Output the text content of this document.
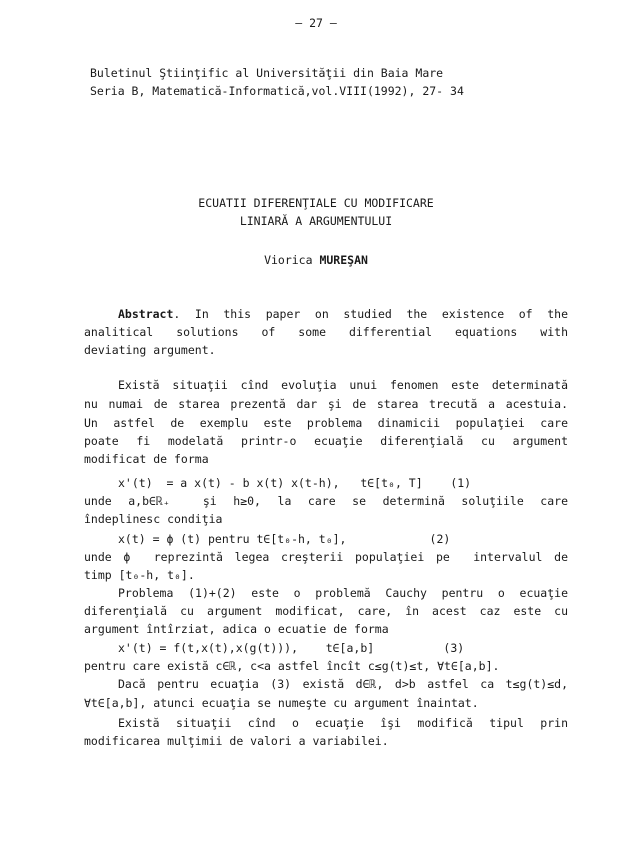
— 27 —
Buletinul Ştiinţific al Universităţii din Baia Mare
Seria B, Matematică-Informatică,vol.VIII(1992), 27- 34
ECUATII DIFERENŢIALE CU MODIFICARE
LINIARĂ A ARGUMENTULUI
Viorica MUREŞAN
Abstract. In this paper on studied the existence of the
analitical solutions of some differential equations with
deviating argument.
Există situaţii cînd evoluţia unui fenomen este determinată
nu numai de starea prezentă dar şi de starea trecută a acestuia.
Un astfel de exemplu este problema dinamicii populaţiei care
poate fi modelată printr-o ecuaţie diferenţială cu argument
modificat de forma
x'(t)  = a x(t) - b x(t) x(t-h),   t∈[t₀, T]    (1)
unde a,b∈ℝ₊  şi h≥0, la care se determină soluţiile care
îndeplinesc condiţia
x(t) = ϕ (t) pentru t∈[t₀-h, t₀],            (2)
unde ϕ  reprezintă legea creşterii populaţiei pe  intervalul de
timp [t₀-h, t₀].
Problema (1)+(2) este o problemă Cauchy pentru o ecuaţie
diferenţială cu argument modificat, care, în acest caz este cu
argument întîrziat, adica o ecuatie de forma
x'(t) = f(t,x(t),x(g(t))),    t∈[a,b]          (3)
pentru care există c∈ℝ, c<a astfel încît c≤g(t)≤t, ∀t∈[a,b].
Dacă pentru ecuaţia (3) există d∈ℝ, d>b astfel ca t≤g(t)≤d,
∀t∈[a,b], atunci ecuaţia se numeşte cu argument înaintat.
Există situaţii cînd o ecuaţie îşi modifică tipul prin
modificarea mulţimii de valori a variabilei.
